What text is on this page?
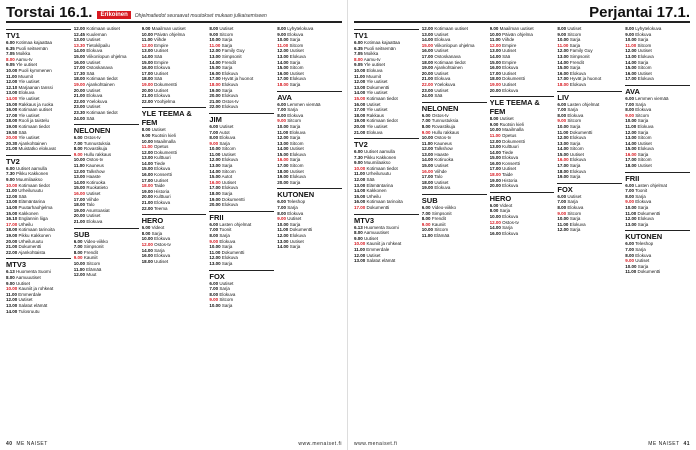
Torstai 16.1.	Erikoinen	Ohjelmatiedot seuraavat muutokset mukaan julkaisemiseen
TV1
6.00 Kotimaa kajaattaa
6.35 Puoli seitsemän
7.05 Moikka
8.00 Aamu-tv
9.05 Yle uutiset
10.00 Puoli kymmenen
11.00 Muumit
12.00 Yle uutiset
12.10 Marjaanan tanssi
13.00 Elokuva
14.00 Yle uutiset
15.00 Rakkaus ja ruoka
16.00 Kotimaan uutiset
17.00 Yle uutiset
18.00 Rooli ja taistelu
19.00 Kotimaan tiedot
19.50 Sää
20.00 Yle uutiset
20.30 Ajankohtainen
21.00 Muistatko elokuvat
TV2
6.00 Uutiset aamulla
7.30 Pikku Kakkonen
9.00 Muumilaakso
10.00 Kotimaan tiedot
11.00 Urheiluruutu
12.00 Sää
13.00 Elämäntarina
14.00 Puutarhaohjelma
15.00 Kakkonen
16.10 Englannin liiga
17.00 Urheilu
18.00 Kotimaan tarinoita
19.00 Pikku Kakkonen
20.00 Urheiluruutu
21.00 Dokumentti
22.00 Ajankohtaista
MTV3
6.13 Huomenta Suomi
8.00 Aamuuutiset
9.00 Uutiset
10.00 Kauniit ja rohkeat
11.00 Emmerdale
12.00 Uutiset
13.00 Salatut elämät
14.00 Tulosruutu
12.00 Kotimaan uutiset
12.45 Kuuleman
13.00 Uutiset
13.30 Tietokilpailu
14.00 Elokuva
15.00 Viikonlopun ohjelma
16.00 Uutiset
17.00 Ostoskanava
17.30 Sää
18.00 Kotimaan tiedot
19.00 Ajankohtainen
20.00 Uutiset
21.00 Elokuva
22.00 Yöelokuva
23.00 Uutiset
23.30 Kotimaan tiedot
24.00 Sää
NELONEN
6.00 Ostos-tv
7.00 Tunnustuksia
8.00 Rovastikuja
9.00 Hullu rakkaus
10.00 Ostos-tv
11.00 Kauneus
12.00 Talkshow
13.00 Haaste
14.00 Kotiruoka
15.00 Ruokatieto
16.00 Uutiset
17.00 Viihde
18.00 Talo
19.00 Asuntoasiat
20.00 Uutiset
21.00 Elokuva
SUB
6.00 Video-viikko
7.00 Simpsonit
8.00 Frendit
9.00 Kauniit
10.00 Sitcom
11.00 Elämää
12.00 Muut
9.00 Maailman uutiset
10.00 Päivän ohjelma
11.00 Viihde
12.00 Empire
13.00 Uutiset
14.00 Sää
15.00 Empire
16.00 Elokuva
17.00 Uutiset
18.00 Sää
19.00 Dokumentti
20.00 Uutiset
21.00 Elokuva
22.00 Yöohjelma
YLE TEEMA & FEM
8.00 Uutiset
9.00 Ruotsin kieli
10.00 Maailmalla
11.00 Opetus
12.00 Dokumentti
13.00 Kulttuuri
14.00 Tiede
15.00 Elokuva
16.00 Konsertti
17.00 Uutiset
18.00 Taide
19.00 Historia
20.00 Kulttuuri
21.00 Elokuva
22.00 Teema
HERO
6.00 Videot
8.00 Sarja
10.00 Elokuva
12.00 Ostos-tv
14.00 Sarja
16.00 Elokuva
18.00 Uutiset
8.00 Uutiset
9.00 Sitcom
10.00 Sarja
11.00 Sarja
12.00 Family Guy
13.00 Simpsonit
14.00 Frendit
15.00 Sarja
16.00 Elokuva
17.00 Hyvät ja huonot
18.00 Elokuva
19.00 Sarja
20.00 Elokuva
21.00 Ostos-tv
22.00 Elokuva
JIM
6.00 Uutiset
7.00 Autot
8.00 Elokuva
9.00 Sarja
10.00 Sitcom
11.00 Uutiset
12.00 Elokuva
13.00 Sarja
14.00 Sitcom
15.00 Autot
16.00 Uutiset
17.00 Elokuva
18.00 Sarja
19.00 Dokumentti
20.00 Elokuva
FRII
6.00 Lasten ohjelmat
7.00 Toonit
8.00 Sarja
9.00 Elokuva
10.00 Sarja
11.00 Dokumentti
12.00 Elokuva
13.00 Sarja
FOX
6.00 Uutiset
7.00 Sarja
8.00 Elokuva
9.00 Sitcom
10.00 Sarja
8.00 Lyhytelokuva
9.00 Elokuva
10.00 Sarja
11.00 Sitcom
12.00 Uutiset
13.00 Elokuva
14.00 Sarja
15.00 Sitcom
16.00 Uutiset
17.00 Elokuva
18.00 Sarja
AVA
6.00 Lemmen viemää
7.00 Sarja
8.00 Elokuva
9.00 Sitcom
10.00 Sarja
11.00 Elokuva
12.00 Sarja
13.00 Sitcom
14.00 Uutiset
15.00 Elokuva
16.00 Sarja
17.00 Sitcom
18.00 Uutiset
19.00 Elokuva
20.00 Sarja
KUTONEN
6.00 Teleshop
7.00 Sarja
8.00 Elokuva
9.00 Uutiset
10.00 Sarja
11.00 Dokumentti
12.00 Elokuva
13.00 Uutiset
14.00 Sarja
40 ME NAISET	www.menaiset.fi
Perjantai 17.1.
TV1
6.00 Kotimaa kajaattaa
6.35 Puoli seitsemän
7.05 Moikka
8.00 Aamu-tv
9.05 Yle uutiset
10.00 Elokuva
11.00 Muumit
12.00 Yle uutiset
13.00 Dokumentti
14.00 Yle uutiset
15.00 Kotimaan tiedot
16.00 Uutiset
17.00 Yle uutiset
18.00 Rakkaus
19.00 Kotimaan tiedot
20.00 Yle uutiset
21.00 Elokuva
TV2
6.00 Uutiset aamulla
7.30 Pikku Kakkonen
9.00 Muumilaakso
10.00 Kotimaan tiedot
11.00 Urheiluruutu
12.00 Sää
13.00 Elämäntarina
14.00 Kakkonen
15.00 Urheilu
16.00 Kotimaan tarinoita
17.00 Dokumentti
MTV3
6.13 Huomenta Suomi
8.00 Aamuuutiset
9.00 Uutiset
10.00 Kauniit ja rohkeat
11.00 Emmerdale
12.00 Uutiset
13.00 Salatut elämät
12.00 Kotimaan uutiset
13.00 Uutiset
14.00 Elokuva
15.00 Viikonlopun ohjelma
16.00 Uutiset
17.00 Ostoskanava
18.00 Kotimaan tiedot
19.00 Ajankohtainen
20.00 Uutiset
21.00 Elokuva
22.00 Yöelokuva
23.00 Uutiset
24.00 Sää
NELONEN
6.00 Ostos-tv
7.00 Tunnustuksia
8.00 Rovastikuja
9.00 Hullu rakkaus
10.00 Ostos-tv
11.00 Kauneus
12.00 Talkshow
13.00 Haaste
14.00 Kotiruoka
15.00 Uutiset
16.00 Viihde
17.00 Talo
18.00 Uutiset
19.00 Elokuva
SUB
6.00 Video-viikko
7.00 Simpsonit
8.00 Frendit
9.00 Kauniit
10.00 Sitcom
11.00 Elämää
9.00 Maailman uutiset
10.00 Päivän ohjelma
11.00 Viihde
12.00 Empire
13.00 Uutiset
14.00 Sää
15.00 Empire
16.00 Elokuva
17.00 Uutiset
18.00 Dokumentti
19.00 Uutiset
20.00 Elokuva
YLE TEEMA & FEM
8.00 Uutiset
9.00 Ruotsin kieli
10.00 Maailmalla
11.00 Opetus
12.00 Dokumentti
13.00 Kulttuuri
14.00 Tiede
15.00 Elokuva
16.00 Konsertti
17.00 Uutiset
18.00 Taide
19.00 Historia
20.00 Elokuva
HERO
6.00 Videot
8.00 Sarja
10.00 Elokuva
12.00 Ostos-tv
14.00 Sarja
16.00 Elokuva
8.00 Uutiset
9.00 Sitcom
10.00 Sarja
11.00 Sarja
12.00 Family Guy
13.00 Simpsonit
14.00 Frendit
15.00 Sarja
16.00 Elokuva
17.00 Hyvät ja huonot
18.00 Elokuva
LIV
6.00 Lasten ohjelmat
7.00 Sarja
8.00 Elokuva
9.00 Sitcom
10.00 Sarja
11.00 Dokumentti
12.00 Elokuva
13.00 Sarja
14.00 Sitcom
15.00 Uutiset
16.00 Elokuva
17.00 Sarja
18.00 Elokuva
19.00 Sarja
FOX
6.00 Uutiset
7.00 Sarja
8.00 Elokuva
9.00 Sitcom
10.00 Sarja
11.00 Elokuva
12.00 Sarja
8.00 Lyhytelokuva
9.00 Elokuva
10.00 Sarja
11.00 Sitcom
12.00 Uutiset
13.00 Elokuva
14.00 Sarja
15.00 Sitcom
16.00 Uutiset
17.00 Elokuva
AVA
6.00 Lemmen viemää
7.00 Sarja
8.00 Elokuva
9.00 Sitcom
10.00 Sarja
11.00 Elokuva
12.00 Sarja
13.00 Sitcom
14.00 Uutiset
15.00 Elokuva
16.00 Sarja
17.00 Sitcom
18.00 Uutiset
FRII
6.00 Lasten ohjelmat
7.00 Toonit
8.00 Sarja
9.00 Elokuva
10.00 Sarja
11.00 Dokumentti
12.00 Elokuva
13.00 Sarja
KUTONEN
6.00 Teleshop
7.00 Sarja
8.00 Elokuva
9.00 Uutiset
10.00 Sarja
11.00 Dokumentti
www.menaiset.fi	ME NAISET 41
